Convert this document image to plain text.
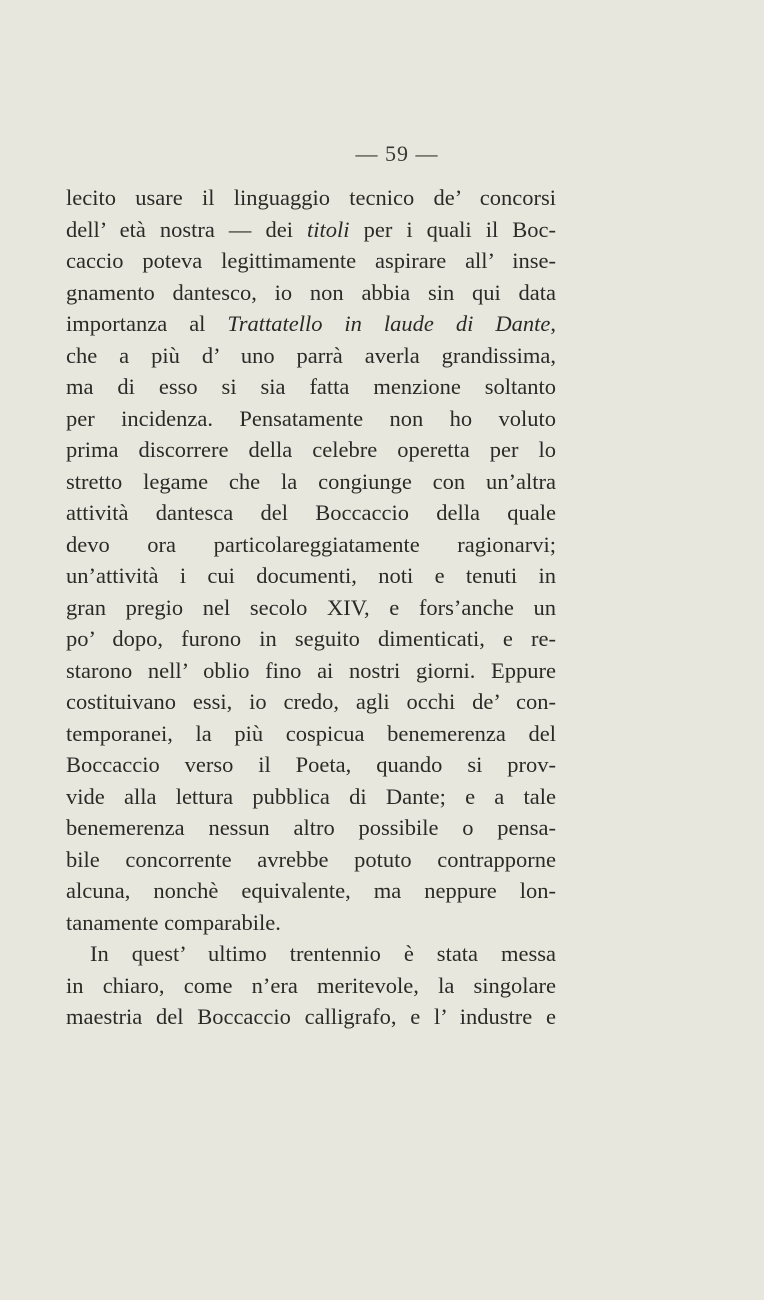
— 59 —
lecito usare il linguaggio tecnico de’ concorsi
dell’ età nostra — dei titoli per i quali il Boc-
caccio poteva legittimamente aspirare all’ inse-
gnamento dantesco, io non abbia sin qui data
importanza al Trattatello in laude di Dante,
che a più d’ uno parrà averla grandissima,
ma di esso si sia fatta menzione soltanto
per incidenza. Pensatamente non ho voluto
prima discorrere della celebre operetta per lo
stretto legame che la congiunge con un’altra
attività dantesca del Boccaccio della quale
devo ora particolareggiatamente ragionarvi;
un’attività i cui documenti, noti e tenuti in
gran pregio nel secolo XIV, e fors’anche un
po’ dopo, furono in seguito dimenticati, e re-
starono nell’ oblio fino ai nostri giorni. Eppure
costituivano essi, io credo, agli occhi de’ con-
temporanei, la più cospicua benemerenza del
Boccaccio verso il Poeta, quando si prov-
vide alla lettura pubblica di Dante; e a tale
benemerenza nessun altro possibile o pensa-
bile concorrente avrebbe potuto contrapporne
alcuna, nonchè equivalente, ma neppure lon-
tanamente comparabile.
In quest’ ultimo trentennio è stata messa
in chiaro, come n’era meritevole, la singolare
maestria del Boccaccio calligrafo, e l’ industre e
